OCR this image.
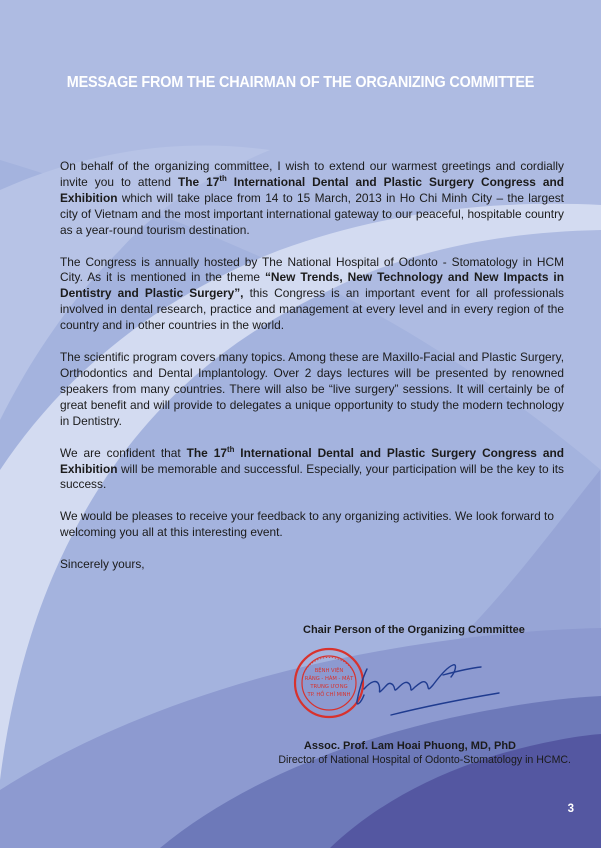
MESSAGE FROM THE CHAIRMAN OF THE ORGANIZING COMMITTEE

On behalf of the organizing committee, I wish to extend our warmest greetings and cordially invite you to attend The 17th International Dental and Plastic Surgery Congress and Exhibition which will take place from 14 to 15 March, 2013 in Ho Chi Minh City – the largest city of Vietnam and the most important international gateway to our peaceful, hospitable country as a year-round tourism destination.

The Congress is annually hosted by The National Hospital of Odonto - Stomatology in HCM City. As it is mentioned in the theme “New Trends, New Technology and New Impacts in Dentistry and Plastic Surgery”, this Congress is an important event for all professionals involved in dental research, practice and management at every level and in every region of the country and in other countries in the world.

The scientific program covers many topics. Among these are Maxillo-Facial and Plastic Surgery, Orthodontics and Dental Implantology. Over 2 days lectures will be presented by renowned speakers from many countries. There will also be “live surgery” sessions. It will certainly be of great benefit and will provide to delegates a unique opportunity to study the modern technology in Dentistry.

We are confident that The 17th International Dental and Plastic Surgery Congress and Exhibition will be memorable and successful. Especially, your participation will be the key to its success.

We would be pleases to receive your feedback to any organizing activities. We look forward to welcoming you all at this interesting event.

Sincerely yours,

Chair Person of the Organizing Committee
BỆNH VIỆN
RĂNG - HÀM - MẶT
TRUNG ƯƠNG
TP. HỒ CHÍ MINH
Assoc. Prof. Lam Hoai Phuong, MD, PhD
Director of National Hospital of Odonto-Stomatology in HCMC.
3
